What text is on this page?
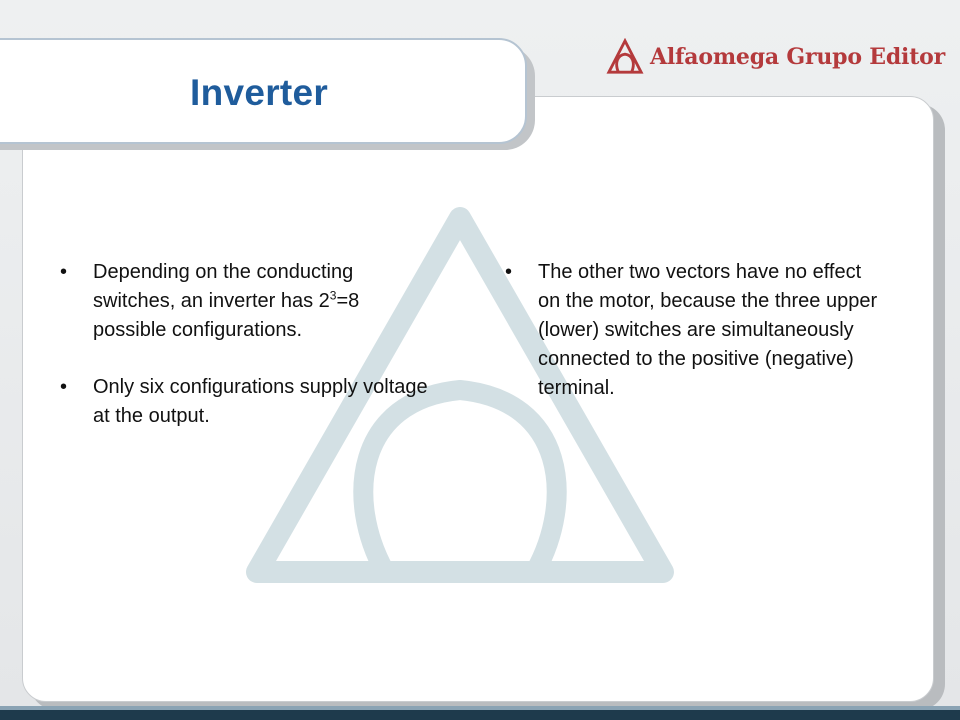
Inverter
Alfaomega Grupo Editor
• Depending on the conducting switches, an inverter has $2^3=8$ possible configurations.
• Only six configurations supply voltage at the output.
• The other two vectors have no effect on the motor, because the three upper (lower) switches are simultaneously connected to the positive (negative) terminal.
